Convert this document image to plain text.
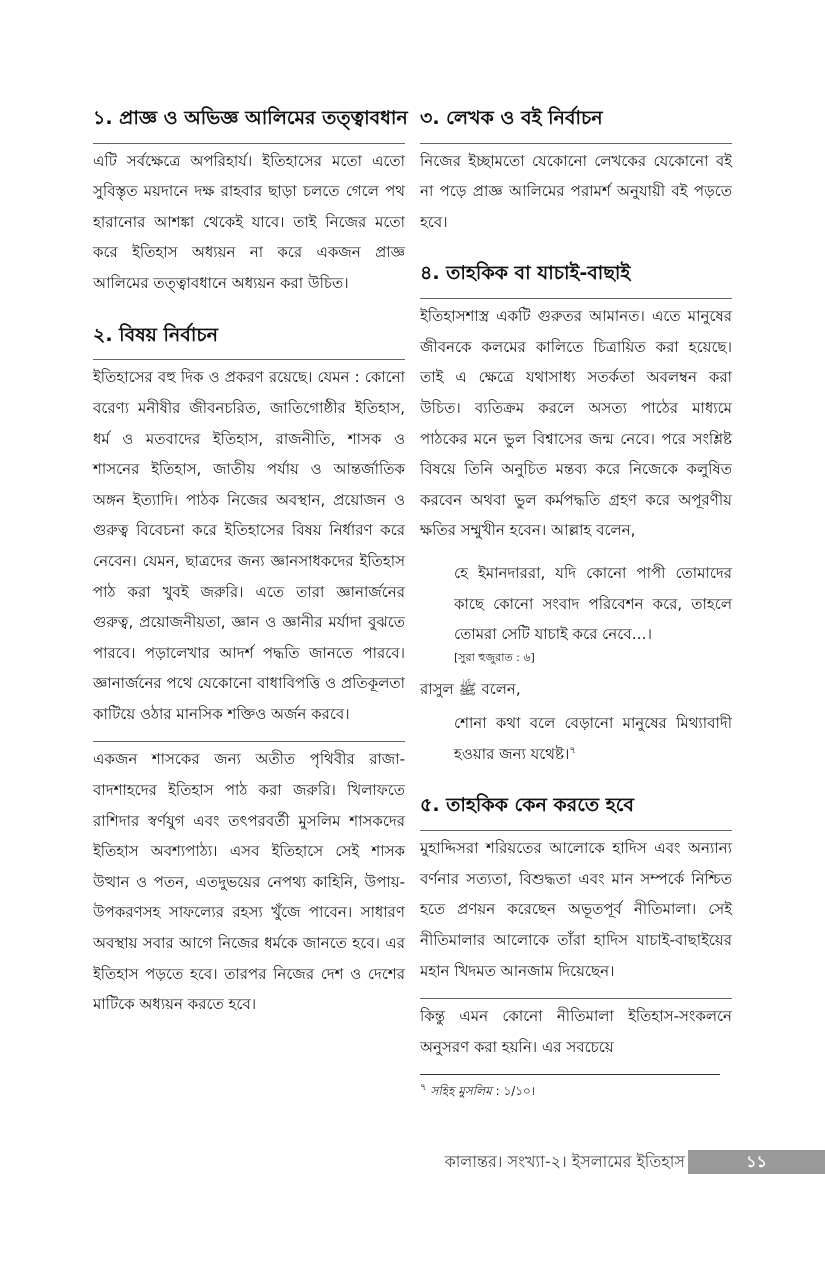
১. প্রাজ্ঞ ও অভিজ্ঞ আলিমের তত্ত্বাবধান

এটি সর্বক্ষেত্রে অপরিহার্য। ইতিহাসের মতো এতো সুবিস্তৃত ময়দানে দক্ষ রাহবার ছাড়া চলতে গেলে পথ হারানোর আশঙ্কা থেকেই যাবে। তাই নিজের মতো করে ইতিহাস অধ্যয়ন না করে একজন প্রাজ্ঞ আলিমের তত্ত্বাবধানে অধ্যয়ন করা উচিত।

২. বিষয় নির্বাচন

ইতিহাসের বহু দিক ও প্রকরণ রয়েছে। যেমন : কোনো বরেণ্য মনীষীর জীবনচরিত, জাতিগোষ্ঠীর ইতিহাস, ধর্ম ও মতবাদের ইতিহাস, রাজনীতি, শাসক ও শাসনের ইতিহাস, জাতীয় পর্যায় ও আন্তর্জাতিক অঙ্গন ইত্যাদি। পাঠক নিজের অবস্থান, প্রয়োজন ও গুরুত্ব বিবেচনা করে ইতিহাসের বিষয় নির্ধারণ করে নেবেন। যেমন, ছাত্রদের জন্য জ্ঞানসাধকদের ইতিহাস পাঠ করা খুবই জরুরি। এতে তারা জ্ঞানার্জনের গুরুত্ব, প্রয়োজনীয়তা, জ্ঞান ও জ্ঞানীর মর্যাদা বুঝতে পারবে। পড়ালেখার আদর্শ পদ্ধতি জানতে পারবে। জ্ঞানার্জনের পথে যেকোনো বাধাবিপত্তি ও প্রতিকূলতা কাটিয়ে ওঠার মানসিক শক্তিও অর্জন করবে।

একজন শাসকের জন্য অতীত পৃথিবীর রাজা-বাদশাহদের ইতিহাস পাঠ করা জরুরি। খিলাফতে রাশিদার স্বর্ণযুগ এবং তৎপরবর্তী মুসলিম শাসকদের ইতিহাস অবশ্যপাঠ্য। এসব ইতিহাসে সেই শাসক উত্থান ও পতন, এতদুভয়ের নেপথ্য কাহিনি, উপায়-উপকরণসহ সাফল্যের রহস্য খুঁজে পাবেন। সাধারণ অবস্থায় সবার আগে নিজের ধর্মকে জানতে হবে। এর ইতিহাস পড়তে হবে। তারপর নিজের দেশ ও দেশের মাটিকে অধ্যয়ন করতে হবে।

৩. লেখক ও বই নির্বাচন

নিজের ইচ্ছামতো যেকোনো লেখকের যেকোনো বই না পড়ে প্রাজ্ঞ আলিমের পরামর্শ অনুযায়ী বই পড়তে হবে।

৪. তাহকিক বা যাচাই-বাছাই

ইতিহাসশাস্ত্র একটি গুরুতর আমানত। এতে মানুষের জীবনকে কলমের কালিতে চিত্রায়িত করা হয়েছে। তাই এ ক্ষেত্রে যথাসাধ্য সতর্কতা অবলম্বন করা উচিত। ব্যতিক্রম করলে অসত্য পাঠের মাধ্যমে পাঠকের মনে ভুল বিশ্বাসের জন্ম নেবে। পরে সংশ্লিষ্ট বিষয়ে তিনি অনুচিত মন্তব্য করে নিজেকে কলুষিত করবেন অথবা ভুল কর্মপদ্ধতি গ্রহণ করে অপূরণীয় ক্ষতির সম্মুখীন হবেন। আল্লাহ বলেন,

হে ইমানদাররা, যদি কোনো পাপী তোমাদের কাছে কোনো সংবাদ পরিবেশন করে, তাহলে তোমরা সেটি যাচাই করে নেবে…।

[সুরা হুজুরাত : ৬]

রাসুল ﷺ বলেন,

শোনা কথা বলে বেড়ানো মানুষের মিথ্যাবাদী হওয়ার জন্য যথেষ্ট।$^৭$

৫. তাহকিক কেন করতে হবে

মুহাদ্দিসরা শরিয়তের আলোকে হাদিস এবং অন্যান্য বর্ণনার সত্যতা, বিশুদ্ধতা এবং মান সম্পর্কে নিশ্চিত হতে প্রণয়ন করেছেন অভূতপূর্ব নীতিমালা। সেই নীতিমালার আলোকে তাঁরা হাদিস যাচাই-বাছাইয়ের মহান খিদমত আনজাম দিয়েছেন।

কিন্তু এমন কোনো নীতিমালা ইতিহাস-সংকলনে অনুসরণ করা হয়নি। এর সবচেয়ে

$^৭$ সহিহ মুসলিম : ১/১০।
কালান্তর। সংখ্যা-২। ইসলামের ইতিহাস	১১
